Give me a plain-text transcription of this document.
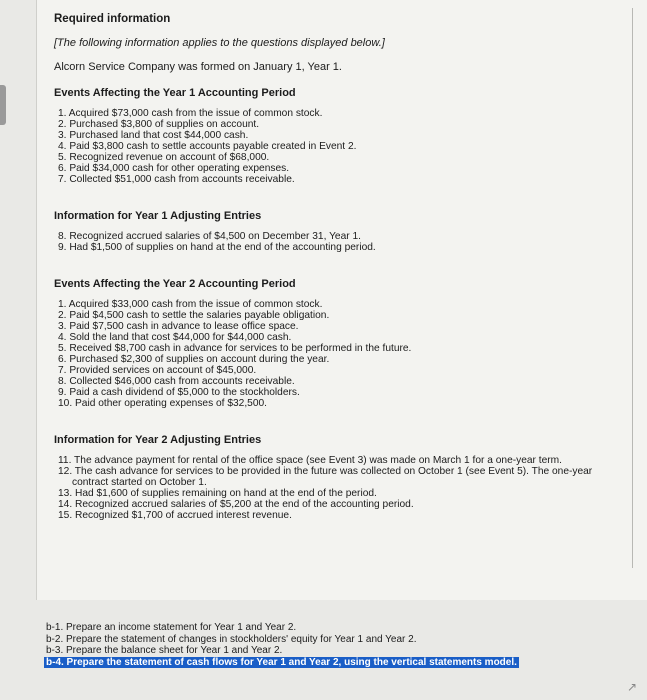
Required information

[The following information applies to the questions displayed below.]
Alcorn Service Company was formed on January 1, Year 1.
Events Affecting the Year 1 Accounting Period
1. Acquired $73,000 cash from the issue of common stock.
2. Purchased $3,800 of supplies on account.
3. Purchased land that cost $44,000 cash.
4. Paid $3,800 cash to settle accounts payable created in Event 2.
5. Recognized revenue on account of $68,000.
6. Paid $34,000 cash for other operating expenses.
7. Collected $51,000 cash from accounts receivable.
Information for Year 1 Adjusting Entries
8. Recognized accrued salaries of $4,500 on December 31, Year 1.
9. Had $1,500 of supplies on hand at the end of the accounting period.
Events Affecting the Year 2 Accounting Period
1. Acquired $33,000 cash from the issue of common stock.
2. Paid $4,500 cash to settle the salaries payable obligation.
3. Paid $7,500 cash in advance to lease office space.
4. Sold the land that cost $44,000 for $44,000 cash.
5. Received $8,700 cash in advance for services to be performed in the future.
6. Purchased $2,300 of supplies on account during the year.
7. Provided services on account of $45,000.
8. Collected $46,000 cash from accounts receivable.
9. Paid a cash dividend of $5,000 to the stockholders.
10. Paid other operating expenses of $32,500.
Information for Year 2 Adjusting Entries
11. The advance payment for rental of the office space (see Event 3) was made on March 1 for a one-year term.
12. The cash advance for services to be provided in the future was collected on October 1 (see Event 5). The one-year contract started on October 1.
13. Had $1,600 of supplies remaining on hand at the end of the period.
14. Recognized accrued salaries of $5,200 at the end of the accounting period.
15. Recognized $1,700 of accrued interest revenue.
b-1. Prepare an income statement for Year 1 and Year 2.
b-2. Prepare the statement of changes in stockholders' equity for Year 1 and Year 2.
b-3. Prepare the balance sheet for Year 1 and Year 2.
b-4. Prepare the statement of cash flows for Year 1 and Year 2, using the vertical statements model.
↗
